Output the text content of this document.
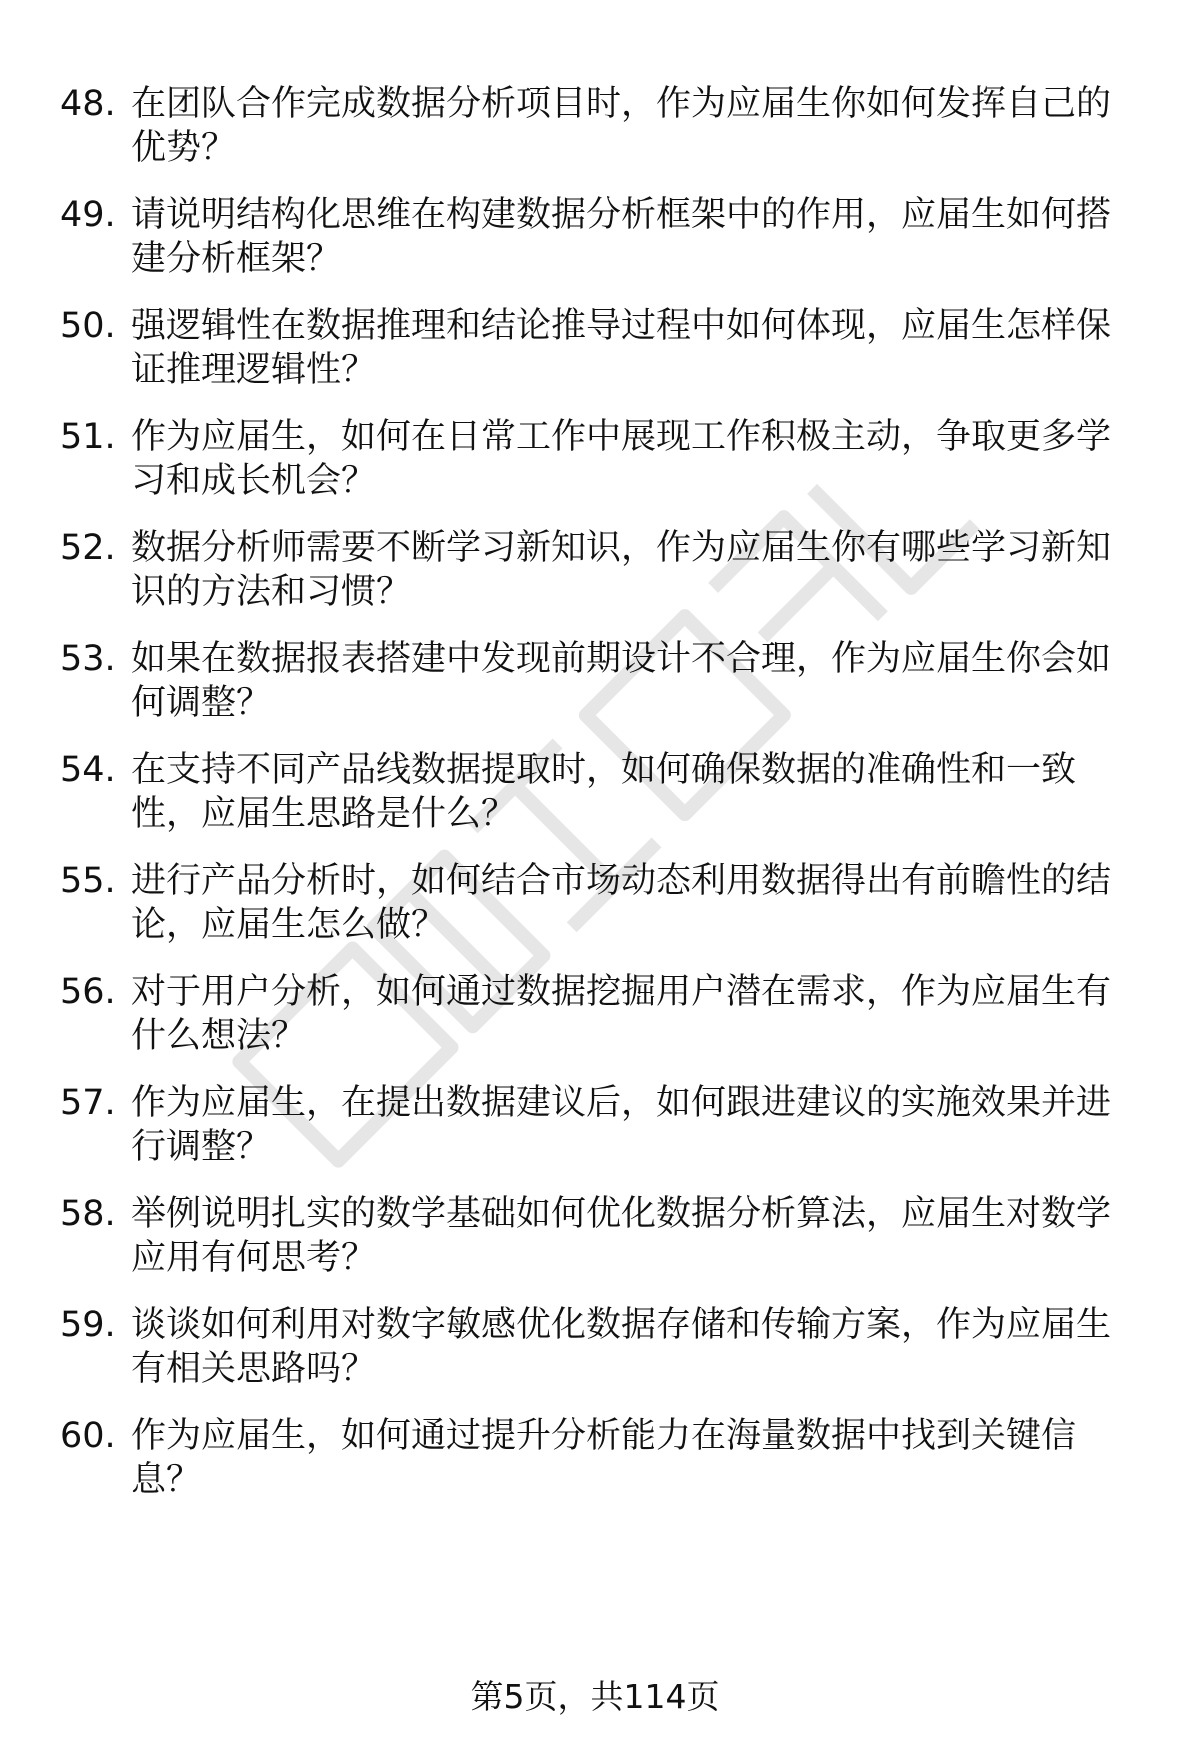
48. 在团队合作完成数据分析项目时，作为应届生你如何发挥自己的优势？
49. 请说明结构化思维在构建数据分析框架中的作用，应届生如何搭建分析框架？
50. 强逻辑性在数据推理和结论推导过程中如何体现，应届生怎样保证推理逻辑性？
51. 作为应届生，如何在日常工作中展现工作积极主动，争取更多学习和成长机会？
52. 数据分析师需要不断学习新知识，作为应届生你有哪些学习新知识的方法和习惯？
53. 如果在数据报表搭建中发现前期设计不合理，作为应届生你会如何调整？
54. 在支持不同产品线数据提取时，如何确保数据的准确性和一致性，应届生思路是什么？
55. 进行产品分析时，如何结合市场动态利用数据得出有前瞻性的结论，应届生怎么做？
56. 对于用户分析，如何通过数据挖掘用户潜在需求，作为应届生有什么想法？
57. 作为应届生，在提出数据建议后，如何跟进建议的实施效果并进行调整？
58. 举例说明扎实的数学基础如何优化数据分析算法，应届生对数学应用有何思考？
59. 谈谈如何利用对数字敏感优化数据存储和传输方案，作为应届生有相关思路吗？
60. 作为应届生，如何通过提升分析能力在海量数据中找到关键信息？
第5页，共114页
